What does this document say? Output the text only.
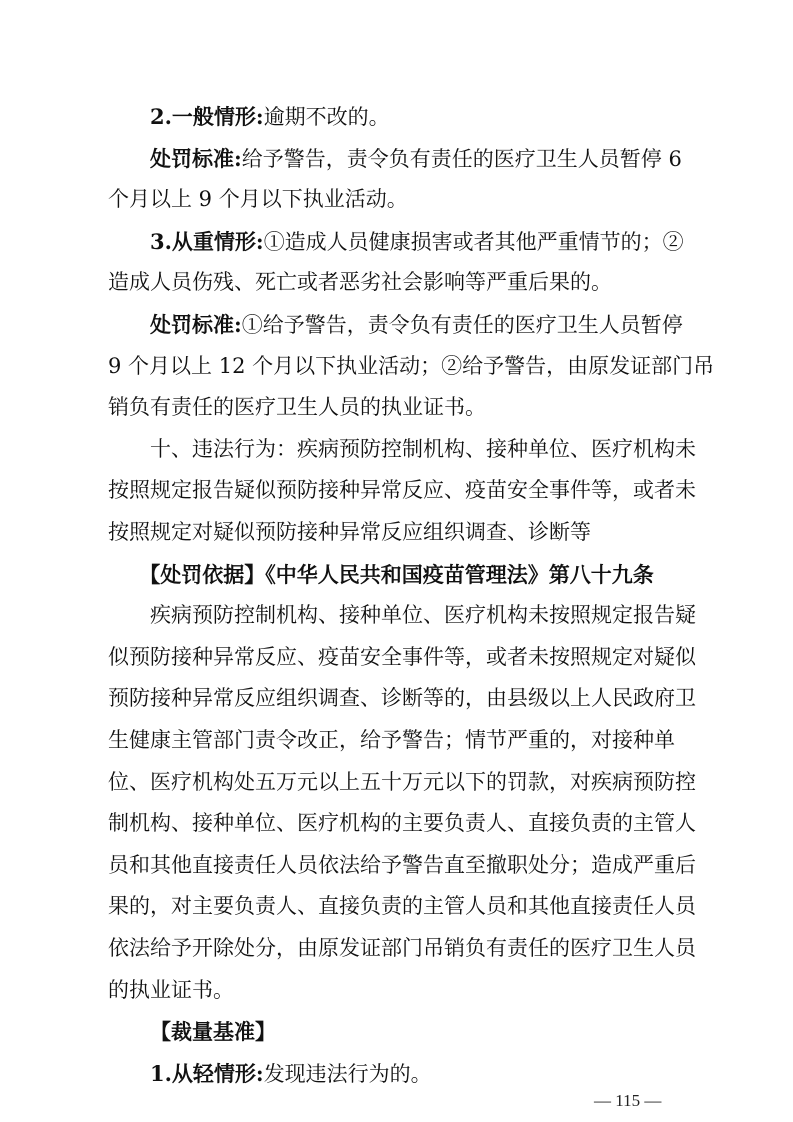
2.一般情形:逾期不改的。
处罚标准:给予警告，责令负有责任的医疗卫生人员暂停 6
个月以上 9 个月以下执业活动。
3.从重情形:①造成人员健康损害或者其他严重情节的；②
造成人员伤残、死亡或者恶劣社会影响等严重后果的。
处罚标准:①给予警告，责令负有责任的医疗卫生人员暂停
9 个月以上 12 个月以下执业活动；②给予警告，由原发证部门吊
销负有责任的医疗卫生人员的执业证书。
十、违法行为：疾病预防控制机构、接种单位、医疗机构未
按照规定报告疑似预防接种异常反应、疫苗安全事件等，或者未
按照规定对疑似预防接种异常反应组织调查、诊断等
【处罚依据】《中华人民共和国疫苗管理法》第八十九条
疾病预防控制机构、接种单位、医疗机构未按照规定报告疑
似预防接种异常反应、疫苗安全事件等，或者未按照规定对疑似
预防接种异常反应组织调查、诊断等的，由县级以上人民政府卫
生健康主管部门责令改正，给予警告；情节严重的，对接种单
位、医疗机构处五万元以上五十万元以下的罚款，对疾病预防控
制机构、接种单位、医疗机构的主要负责人、直接负责的主管人
员和其他直接责任人员依法给予警告直至撤职处分；造成严重后
果的，对主要负责人、直接负责的主管人员和其他直接责任人员
依法给予开除处分，由原发证部门吊销负有责任的医疗卫生人员
的执业证书。
【裁量基准】
1.从轻情形:发现违法行为的。
— 115 —
